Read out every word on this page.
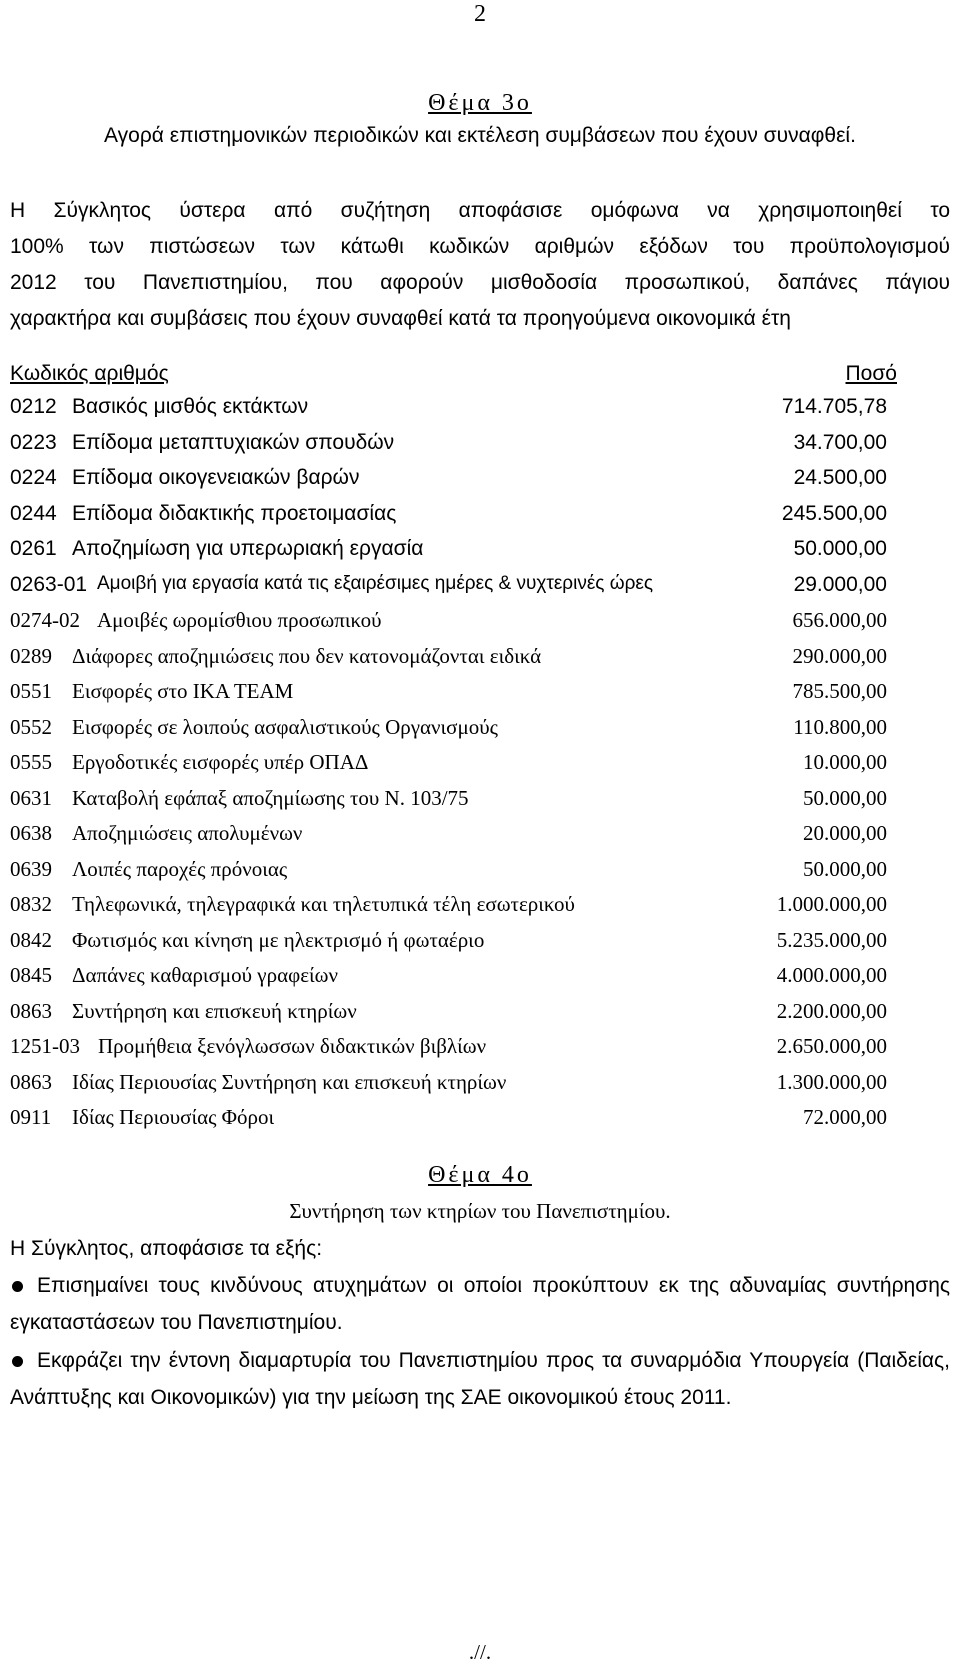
2
Θέμα 3ο
Αγορά επιστημονικών περιοδικών και εκτέλεση συμβάσεων που έχουν συναφθεί.
Η Σύγκλητος ύστερα από συζήτηση αποφάσισε ομόφωνα να χρησιμοποιηθεί το
100% των πιστώσεων των κάτωθι κωδικών αριθμών εξόδων του προϋπολογισμού
2012 του Πανεπιστημίου, που αφορούν μισθοδοσία προσωπικού, δαπάνες πάγιου
χαρακτήρα και συμβάσεις που έχουν συναφθεί κατά τα προηγούμενα οικονομικά έτη
Κωδικός αριθμός	Ποσό
0212 Βασικός μισθός εκτάκτων	714.705,78
0223 Επίδομα μεταπτυχιακών σπουδών	34.700,00
0224 Επίδομα οικογενειακών βαρών	24.500,00
0244 Επίδομα διδακτικής προετοιμασίας	245.500,00
0261 Αποζημίωση για υπερωριακή εργασία	50.000,00
0263-01 Αμοιβή για εργασία κατά τις εξαιρέσιμες ημέρες & νυχτερινές ώρες	29.000,00
0274-02 Αμοιβές ωρομίσθιου προσωπικού	656.000,00
0289 Διάφορες αποζημιώσεις που δεν κατονομάζονται ειδικά	290.000,00
0551 Εισφορές στο ΙΚΑ ΤΕΑΜ	785.500,00
0552 Εισφορές σε λοιπούς ασφαλιστικούς Οργανισμούς	110.800,00
0555 Εργοδοτικές εισφορές υπέρ ΟΠΑΔ	10.000,00
0631 Καταβολή εφάπαξ αποζημίωσης του Ν. 103/75	50.000,00
0638 Αποζημιώσεις απολυμένων	20.000,00
0639 Λοιπές παροχές πρόνοιας	50.000,00
0832 Τηλεφωνικά, τηλεγραφικά και τηλετυπικά τέλη εσωτερικού	1.000.000,00
0842 Φωτισμός και κίνηση με ηλεκτρισμό ή φωταέριο	5.235.000,00
0845 Δαπάνες καθαρισμού γραφείων	4.000.000,00
0863 Συντήρηση και επισκευή κτηρίων	2.200.000,00
1251-03 Προμήθεια ξενόγλωσσων διδακτικών βιβλίων	2.650.000,00
0863 Ιδίας Περιουσίας Συντήρηση και επισκευή κτηρίων	1.300.000,00
0911 Ιδίας Περιουσίας Φόροι	72.000,00
Θέμα 4ο
Συντήρηση των κτηρίων του Πανεπιστημίου.
Η Σύγκλητος, αποφάσισε τα εξής:
Επισημαίνει τους κινδύνους ατυχημάτων οι οποίοι προκύπτουν εκ της αδυναμίας συντήρησης εγκαταστάσεων του Πανεπιστημίου.
Εκφράζει την έντονη διαμαρτυρία του Πανεπιστημίου προς τα συναρμόδια Υπουργεία (Παιδείας, Ανάπτυξης και Οικονομικών) για την μείωση της ΣΑΕ οικονομικού έτους 2011.
.//.
